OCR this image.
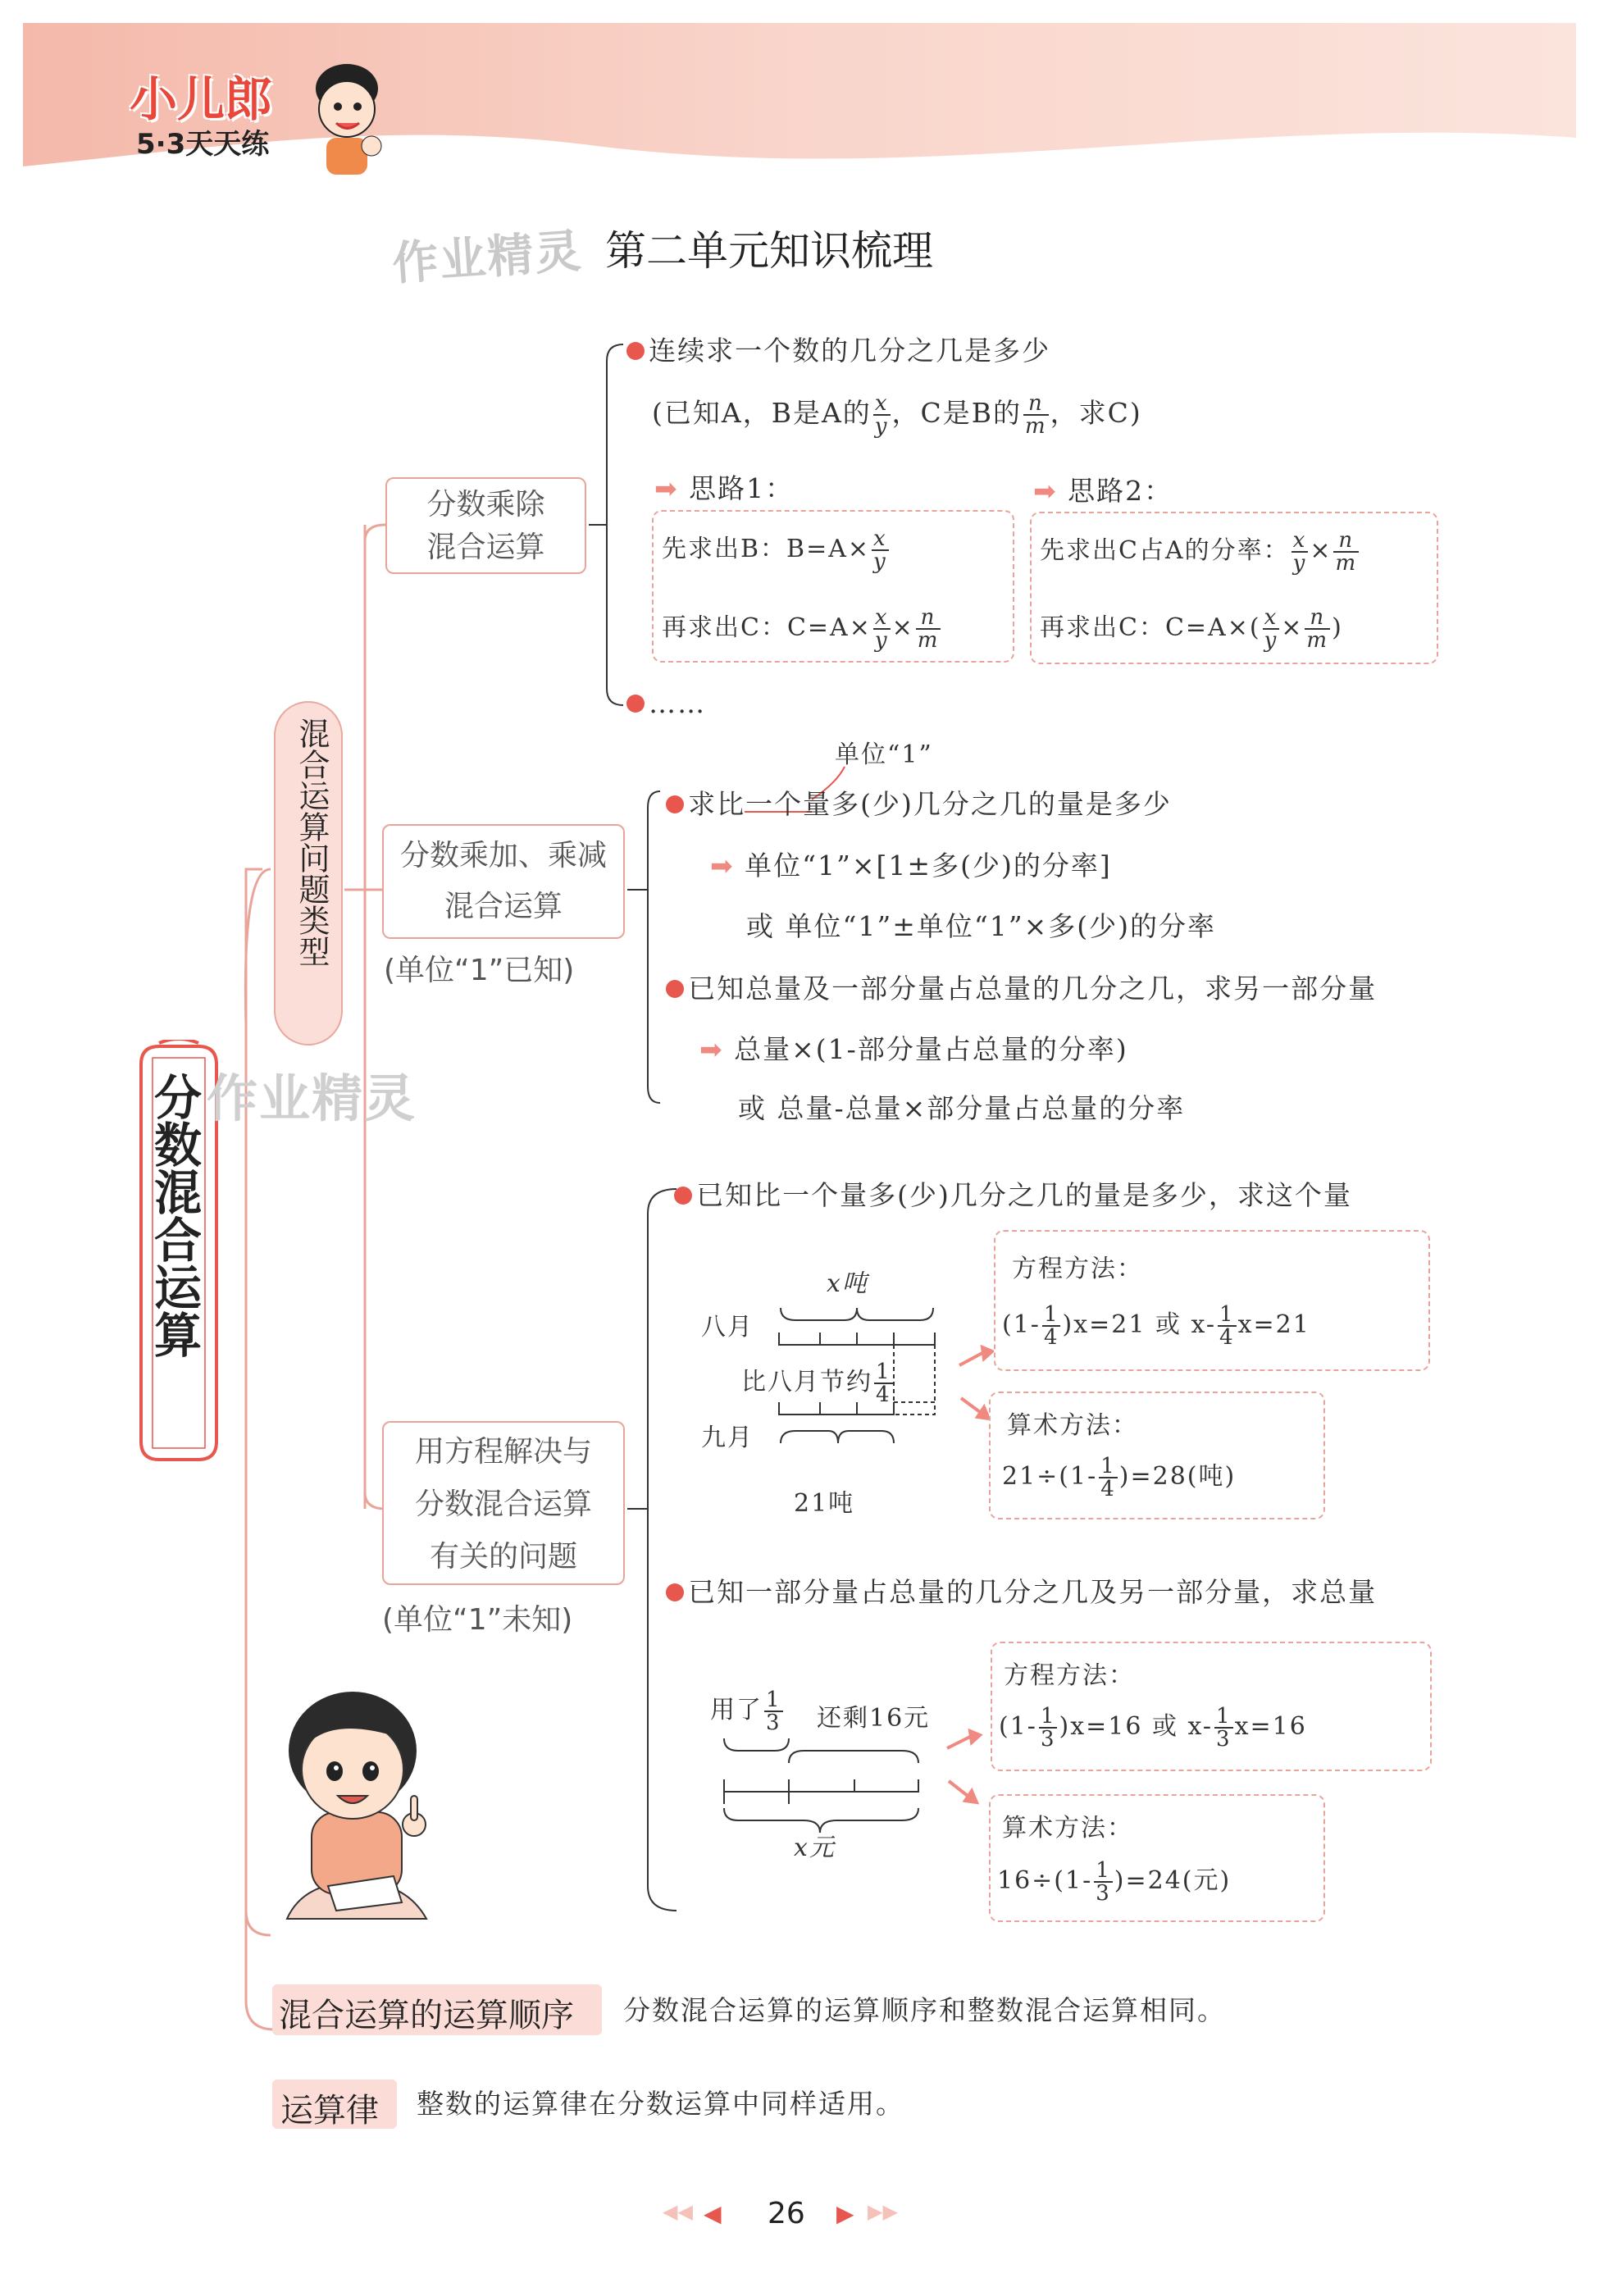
小儿郎
5·3天天练
作业精灵 第二单元知识梳理
分数混合运算
混合运算问题类型
作业精灵
分数乘除
混合运算
连续求一个数的几分之几是多少
(已知A，B是A的 $\frac{x}{y}$ ，C是B的 $\frac{n}{m}$ ，求C)
➡ 思路1：	➡ 思路2：
先求出B：$B=A\times \frac{x}{y}$
再求出C：$C=A\times \frac{x}{y} \times \frac{n}{m}$
先求出C占A的分率： $\frac{x}{y} \times \frac{n}{m}$
再求出C：$C=A\times( \frac{x}{y} \times \frac{n}{m}$ )
……
分数乘加、乘减
混合运算
(单位“1”已知)
单位“1”
求比一个量多(少)几分之几的量是多少
➡ 单位“1”×[1±多(少)的分率]
或 单位“1”±单位“1”×多(少)的分率
已知总量及一部分量占总量的几分之几，求另一部分量
➡ 总量×(1-部分量占总量的分率)
或 总量-总量×部分量占总量的分率
用方程解决与
分数混合运算
有关的问题
(单位“1”未知)
已知比一个量多(少)几分之几的量是多少，求这个量
x吨
八月
比八月节约 $\frac{1}{4}$
九月
21吨
方程方法：
$(1- \frac{1}{4} )x=21$ 或 $x- \frac{1}{4} x=21$
算术方法：
$21\div(1- \frac{1}{4} )=28$(吨)
已知一部分量占总量的几分之几及另一部分量，求总量
用了 $\frac{1}{3}$ 还剩16元
x元
方程方法：
$(1- \frac{1}{3} )x=16$ 或 $x- \frac{1}{3} x=16$
算术方法：
$16\div(1- \frac{1}{3} )=24$(元)
混合运算的运算顺序	分数混合运算的运算顺序和整数混合运算相同。
运算律	整数的运算律在分数运算中同样适用。
◀◀ ◀ 26 ▶ ▶▶
